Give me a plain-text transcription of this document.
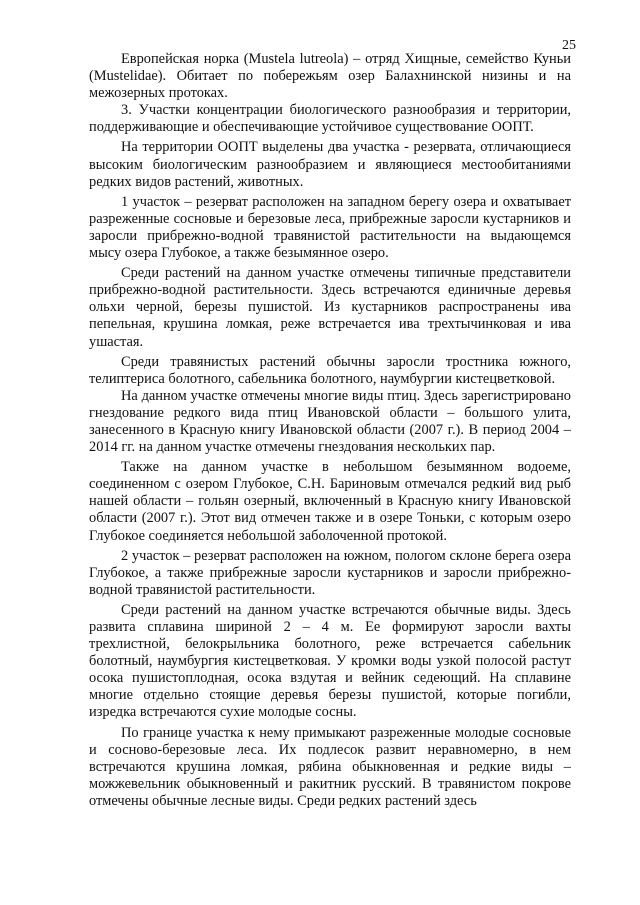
25

Европейская норка (Mustela lutreola) – отряд Хищные, семейство Куньи (Mustelidae). Обитает по побережьям озер Балахнинской низины и на межозерных протоках.

3. Участки концентрации биологического разнообразия и территории, поддерживающие и обеспечивающие устойчивое существование ООПТ.

На территории ООПТ выделены два участка - резервата, отличающиеся высоким биологическим разнообразием и являющиеся местообитаниями редких видов растений, животных.

1 участок – резерват расположен на западном берегу озера и охватывает разреженные сосновые и березовые леса, прибрежные заросли кустарников и заросли прибрежно-водной травянистой растительности на выдающемся мысу озера Глубокое, а также безымянное озеро.

Среди растений на данном участке отмечены типичные представители прибрежно-водной растительности. Здесь встречаются единичные деревья ольхи черной, березы пушистой. Из кустарников распространены ива пепельная, крушина ломкая, реже встречается ива трехтычинковая и ива ушастая.

Среди травянистых растений обычны заросли тростника южного, телиптериса болотного, сабельника болотного, наумбургии кистецветковой.

На данном участке отмечены многие виды птиц. Здесь зарегистрировано гнездование редкого вида птиц Ивановской области – большого улита, занесенного в Красную книгу Ивановской области (2007 г.). В период 2004 – 2014 гг. на данном участке отмечены гнездования нескольких пар.

Также на данном участке в небольшом безымянном водоеме, соединенном с озером Глубокое, С.Н. Бариновым отмечался редкий вид рыб нашей области – гольян озерный, включенный в Красную книгу Ивановской области (2007 г.). Этот вид отмечен также и в озере Тоньки, с которым озеро Глубокое соединяется небольшой заболоченной протокой.

2 участок – резерват расположен на южном, пологом склоне берега озера Глубокое, а также прибрежные заросли кустарников и заросли прибрежно-водной травянистой растительности.

Среди растений на данном участке встречаются обычные виды. Здесь развита сплавина шириной 2 – 4 м. Ее формируют заросли вахты трехлистной, белокрыльника болотного, реже встречается сабельник болотный, наумбургия кистецветковая. У кромки воды узкой полосой растут осока пушистоплодная, осока вздутая и вейник седеющий. На сплавине многие отдельно стоящие деревья березы пушистой, которые погибли, изредка встречаются сухие молодые сосны.

По границе участка к нему примыкают разреженные молодые сосновые и сосново-березовые леса. Их подлесок развит неравномерно, в нем встречаются крушина ломкая, рябина обыкновенная и редкие виды – можжевельник обыкновенный и ракитник русский. В травянистом покрове отмечены обычные лесные виды. Среди редких растений здесь
